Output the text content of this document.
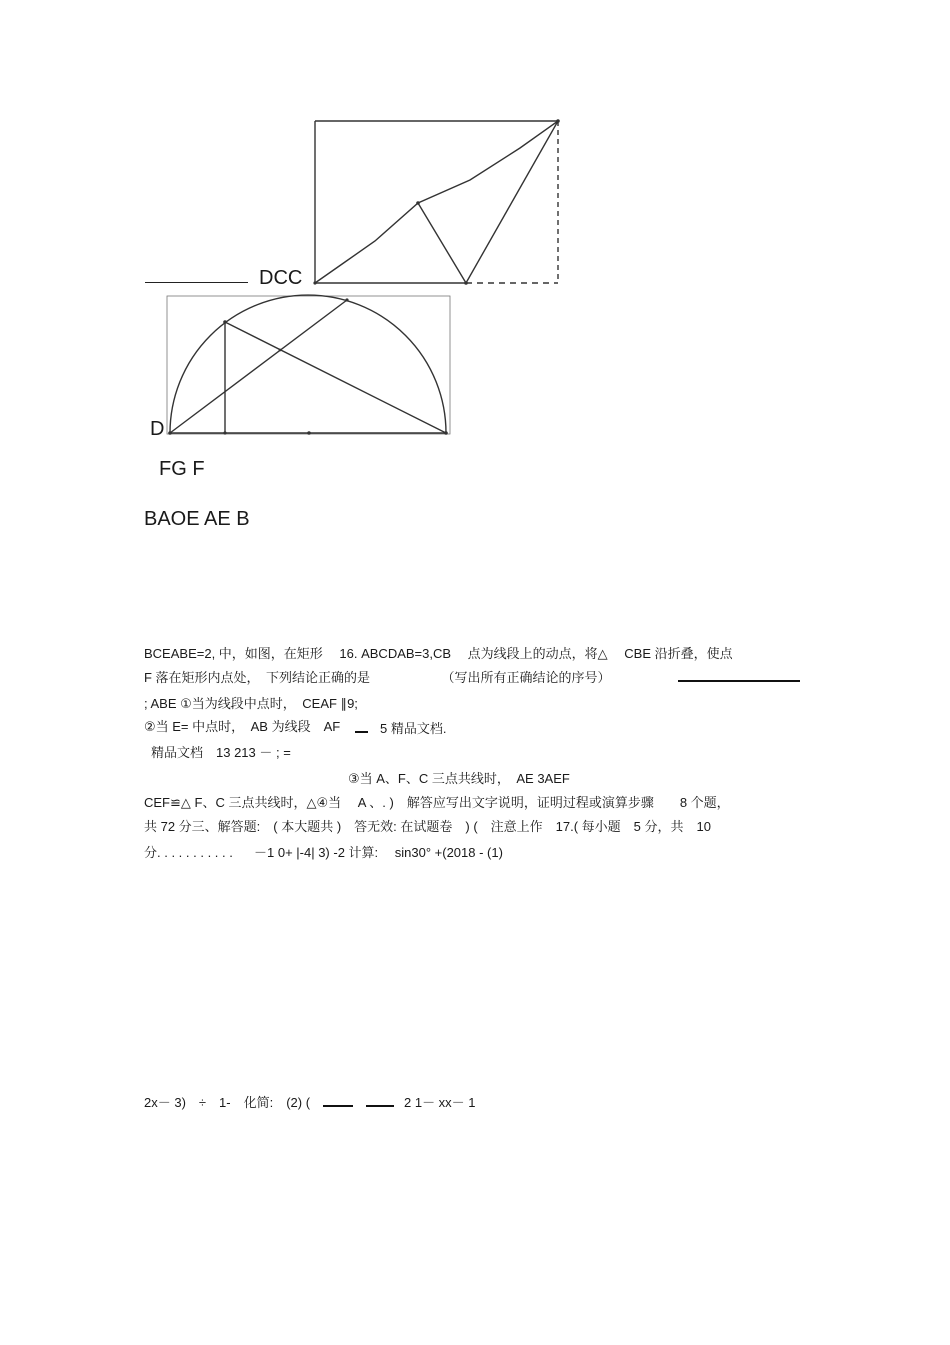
DCC
D
FG F
BAOE AE B
BCEABE=2, 中，如图，在矩形　 16. ABCDAB=3,CB　 点为线段上的动点，将△　 CBE 沿折叠，使点
F 落在矩形内点处，　下列结论正确的是　　　　　　（写出所有正确结论的序号）
; ABE ①当为线段中点时，　CEAF ∥9;
②当 E= 中点时，　AB 为线段　AF	5 精品文档.
精品文档　13 213 － ; =
③当 A、F、C 三点共线时，　AE 3AEF
CEF≌△ F、C 三点共线时，△④当　 A 、. )　解答应写出文字说明，证明过程或演算步骤　　8 个题，
共 72 分三、解答题:　( 本大题共 )　答无效: 在试题卷　) (　注意上作　17.( 每小题　5 分，共　10
分. . . . . . . . . . . －1 0+ |-4| 3) -2 计算:　 sin30° +(2018 - (1)
2x－ 3)　÷　1-　化简:　(2) (	2 1－ xx－ 1
